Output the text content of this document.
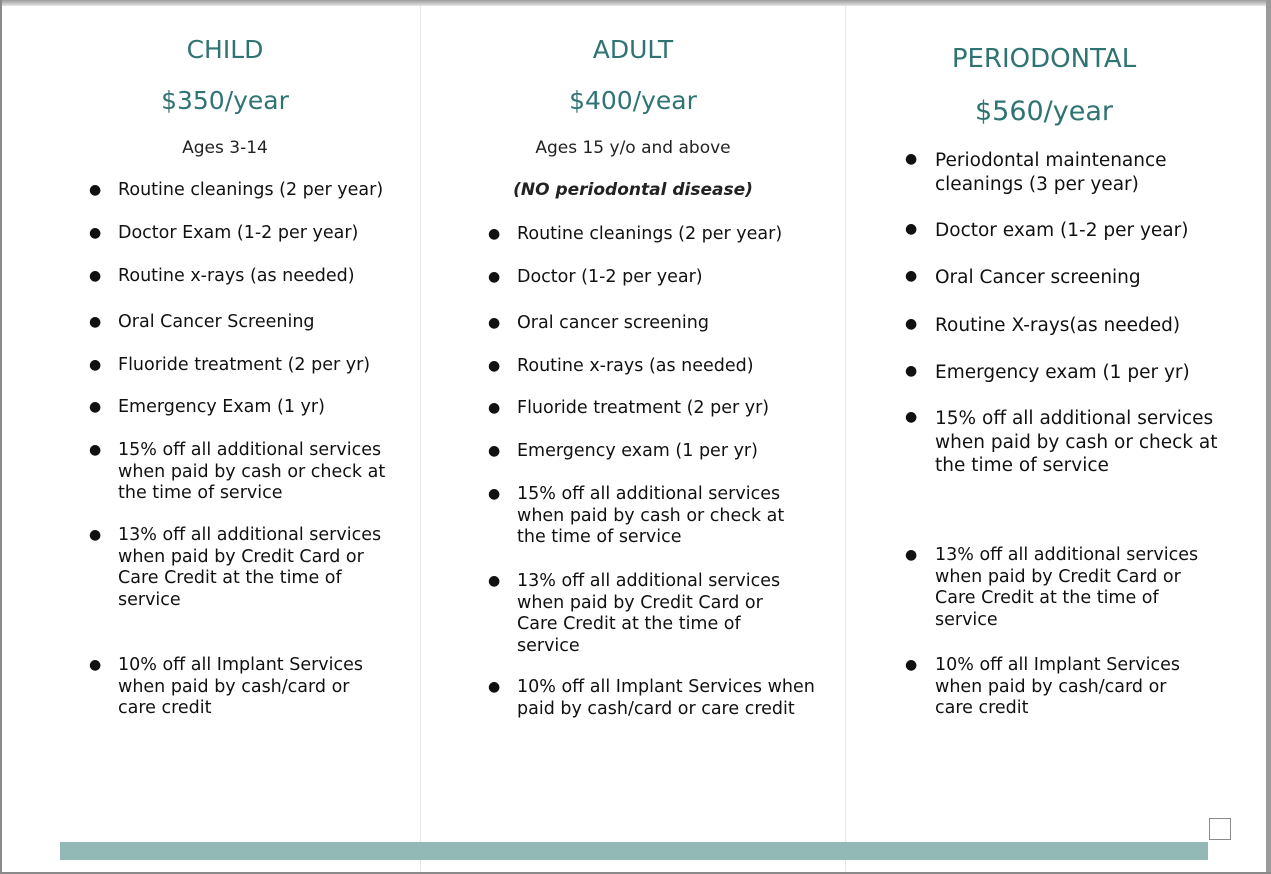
CHILD
$350/year
Ages 3-14
● Routine cleanings (2 per year)
● Doctor Exam (1-2 per year)
● Routine x-rays (as needed)
● Oral Cancer Screening
● Fluoride treatment (2 per yr)
● Emergency Exam (1 yr)
● 15% off all additional services when paid by cash or check at the time of service
● 13% off all additional services when paid by Credit Card or Care Credit at the time of service
● 10% off all Implant Services when paid by cash/card or care credit
ADULT
$400/year
Ages 15 y/o and above
(NO periodontal disease)
● Routine cleanings (2 per year)
● Doctor (1-2 per year)
● Oral cancer screening
● Routine x-rays (as needed)
● Fluoride treatment (2 per yr)
● Emergency exam (1 per yr)
● 15% off all additional services when paid by cash or check at the time of service
● 13% off all additional services when paid by Credit Card or Care Credit at the time of service
● 10% off all Implant Services when paid by cash/card or care credit
PERIODONTAL
$560/year
● Periodontal maintenance cleanings (3 per year)
● Doctor exam (1-2 per year)
● Oral Cancer screening
● Routine X-rays(as needed)
● Emergency exam (1 per yr)
● 15% off all additional services when paid by cash or check at the time of service
● 13% off all additional services when paid by Credit Card or Care Credit at the time of service
● 10% off all Implant Services when paid by cash/card or care credit
